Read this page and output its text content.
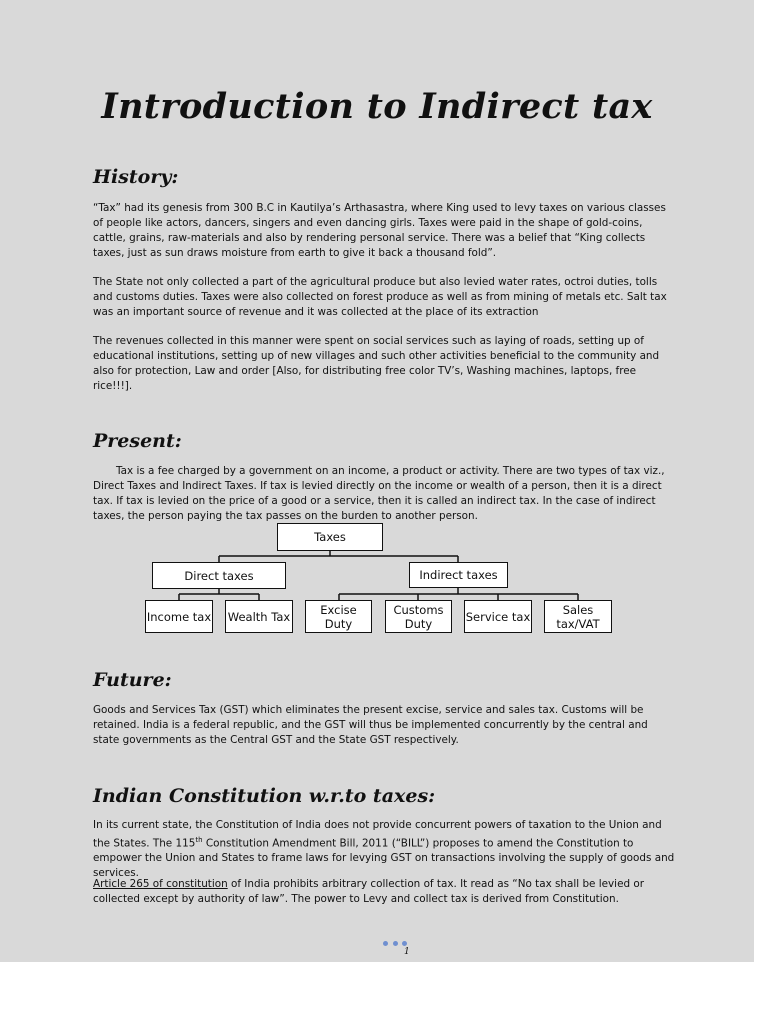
Introduction to Indirect tax
History:

“Tax” had its genesis from 300 B.C in Kautilya’s Arthasastra, where King used to levy taxes on various classes of people like actors, dancers, singers and even dancing girls. Taxes were paid in the shape of gold-coins, cattle, grains, raw-materials and also by rendering personal service. There was a belief that “King collects taxes, just as sun draws moisture from earth to give it back a thousand fold”.

The State not only collected a part of the agricultural produce but also levied water rates, octroi duties, tolls and customs duties. Taxes were also collected on forest produce as well as from mining of metals etc. Salt tax was an important source of revenue and it was collected at the place of its extraction

The revenues collected in this manner were spent on social services such as laying of roads, setting up of educational institutions, setting up of new villages and such other activities beneficial to the community and also for protection, Law and order [Also, for distributing free color TV’s, Washing machines, laptops, free rice!!!].

Present:

Tax is a fee charged by a government on an income, a product or activity. There are two types of tax viz., Direct Taxes and Indirect Taxes. If tax is levied directly on the income or wealth of a person, then it is a direct tax. If tax is levied on the price of a good or a service, then it is called an indirect tax. In the case of indirect taxes, the person paying the tax passes on the burden to another person.

Taxes
Direct taxes	Indirect taxes
Income tax Wealth Tax	Excise Duty
Customs Duty	Service tax	Sales tax/VAT
Future:

Goods and Services Tax (GST) which eliminates the present excise, service and sales tax. Customs will be retained. India is a federal republic, and the GST will thus be implemented concurrently by the central and state governments as the Central GST and the State GST respectively.

Indian Constitution w.r.to taxes:

In its current state, the Constitution of India does not provide concurrent powers of taxation to the Union and the States. The 115th Constitution Amendment Bill, 2011 (“BILL”) proposes to amend the Constitution to empower the Union and States to frame laws for levying GST on transactions involving the supply of goods and services.

Article 265 of constitution of India prohibits arbitrary collection of tax. It read as “No tax shall be levied or collected except by authority of law”. The power to Levy and collect tax is derived from Constitution.

1
